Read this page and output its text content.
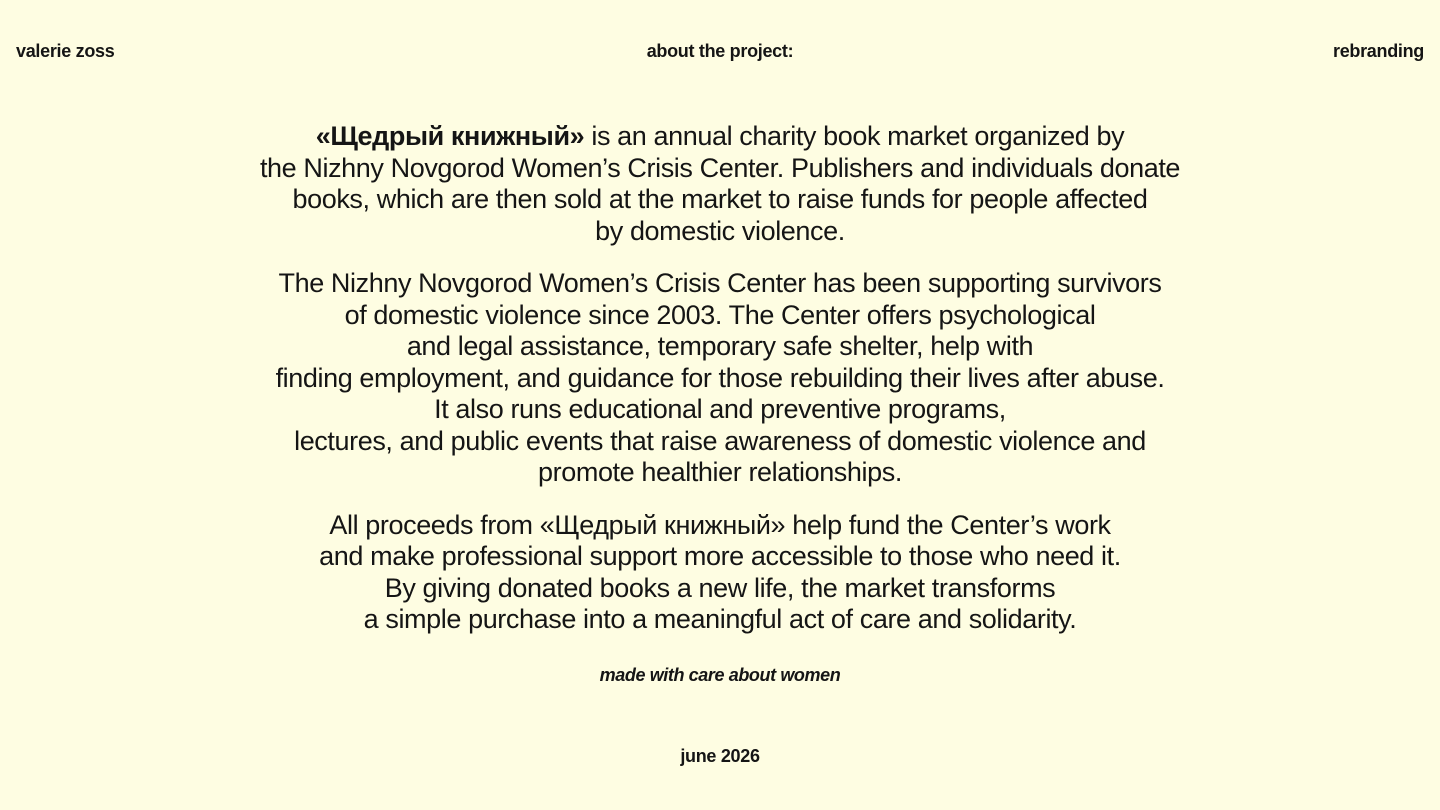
valerie zoss	about the project:	rebranding

«Щедрый книжный» is an annual charity book market organized by
the Nizhny Novgorod Women’s Crisis Center. Publishers and individuals donate
books, which are then sold at the market to raise funds for people affected
by domestic violence.

The Nizhny Novgorod Women’s Crisis Center has been supporting survivors
of domestic violence since 2003. The Center offers psychological
and legal assistance, temporary safe shelter, help with
finding employment, and guidance for those rebuilding their lives after abuse.
It also runs educational and preventive programs,
lectures, and public events that raise awareness of domestic violence and
promote healthier relationships.

All proceeds from «Щедрый книжный» help fund the Center’s work
and make professional support more accessible to those who need it.
By giving donated books a new life, the market transforms
a simple purchase into a meaningful act of care and solidarity.

made with care about women
june 2026
